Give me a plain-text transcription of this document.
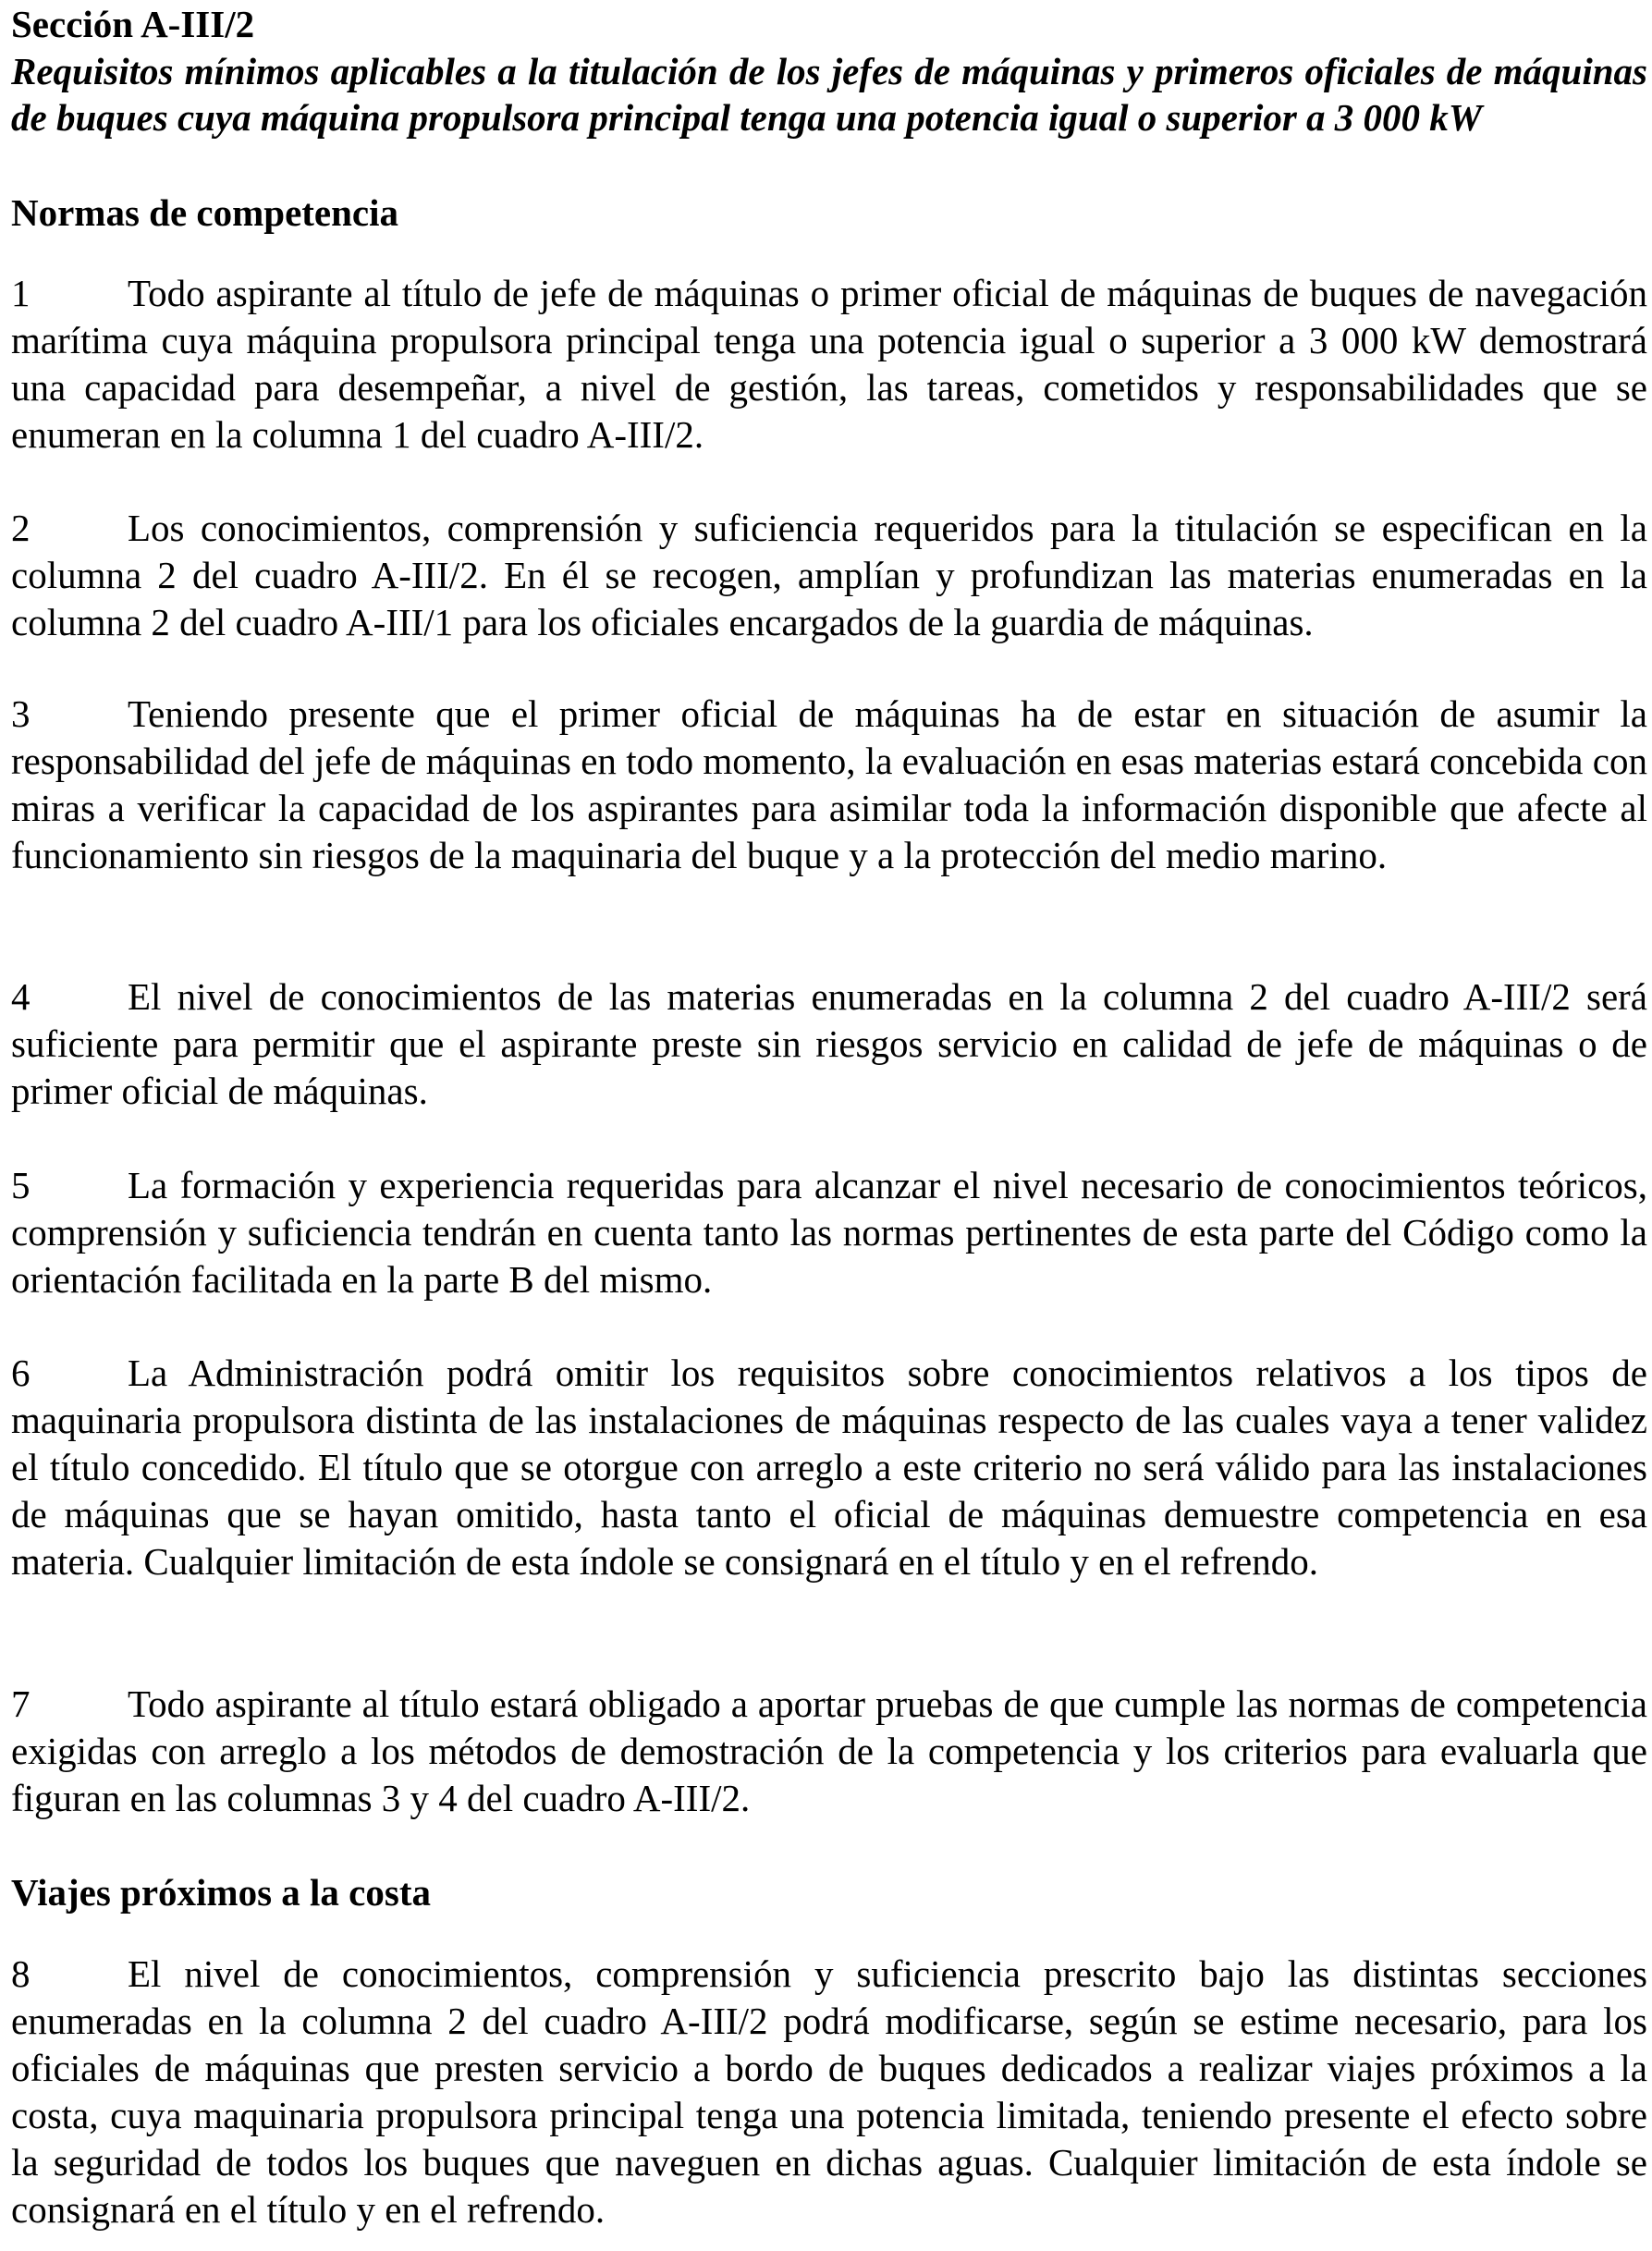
Sección A-III/2
Requisitos mínimos aplicables a la titulación de los jefes de máquinas y primeros oficiales de máquinas de buques cuya máquina propulsora principal tenga una potencia igual o superior a 3 000 kW
Normas de competencia
1	Todo aspirante al título de jefe de máquinas o primer oficial de máquinas de buques de navegación marítima cuya máquina propulsora principal tenga una potencia igual o superior a 3 000 kW demostrará una capacidad para desempeñar, a nivel de gestión, las tareas, cometidos y responsabilidades que se enumeran en la columna 1 del cuadro A-III/2.
2	Los conocimientos, comprensión y suficiencia requeridos para la titulación se especifican en la columna 2 del cuadro A-III/2. En él se recogen, amplían y profundizan las materias enumeradas en la columna 2 del cuadro A-III/1 para los oficiales encargados de la guardia de máquinas.
3	Teniendo presente que el primer oficial de máquinas ha de estar en situación de asumir la responsabilidad del jefe de máquinas en todo momento, la evaluación en esas materias estará concebida con miras a verificar la capacidad de los aspirantes para asimilar toda la información disponible que afecte al funcionamiento sin riesgos de la maquinaria del buque y a la protección del medio marino.
4	El nivel de conocimientos de las materias enumeradas en la columna 2 del cuadro A-III/2 será suficiente para permitir que el aspirante preste sin riesgos servicio en calidad de jefe de máquinas o de primer oficial de máquinas.
5	La formación y experiencia requeridas para alcanzar el nivel necesario de conocimientos teóricos, comprensión y suficiencia tendrán en cuenta tanto las normas pertinentes de esta parte del Código como la orientación facilitada en la parte B del mismo.
6	La Administración podrá omitir los requisitos sobre conocimientos relativos a los tipos de maquinaria propulsora distinta de las instalaciones de máquinas respecto de las cuales vaya a tener validez el título concedido. El título que se otorgue con arreglo a este criterio no será válido para las instalaciones de máquinas que se hayan omitido, hasta tanto el oficial de máquinas demuestre competencia en esa materia. Cualquier limitación de esta índole se consignará en el título y en el refrendo.
7	Todo aspirante al título estará obligado a aportar pruebas de que cumple las normas de competencia exigidas con arreglo a los métodos de demostración de la competencia y los criterios para evaluarla que figuran en las columnas 3 y 4 del cuadro A-III/2.
Viajes próximos a la costa
8	El nivel de conocimientos, comprensión y suficiencia prescrito bajo las distintas secciones enumeradas en la columna 2 del cuadro A-III/2 podrá modificarse, según se estime necesario, para los oficiales de máquinas que presten servicio a bordo de buques dedicados a realizar viajes próximos a la costa, cuya maquinaria propulsora principal tenga una potencia limitada, teniendo presente el efecto sobre la seguridad de todos los buques que naveguen en dichas aguas. Cualquier limitación de esta índole se consignará en el título y en el refrendo.
